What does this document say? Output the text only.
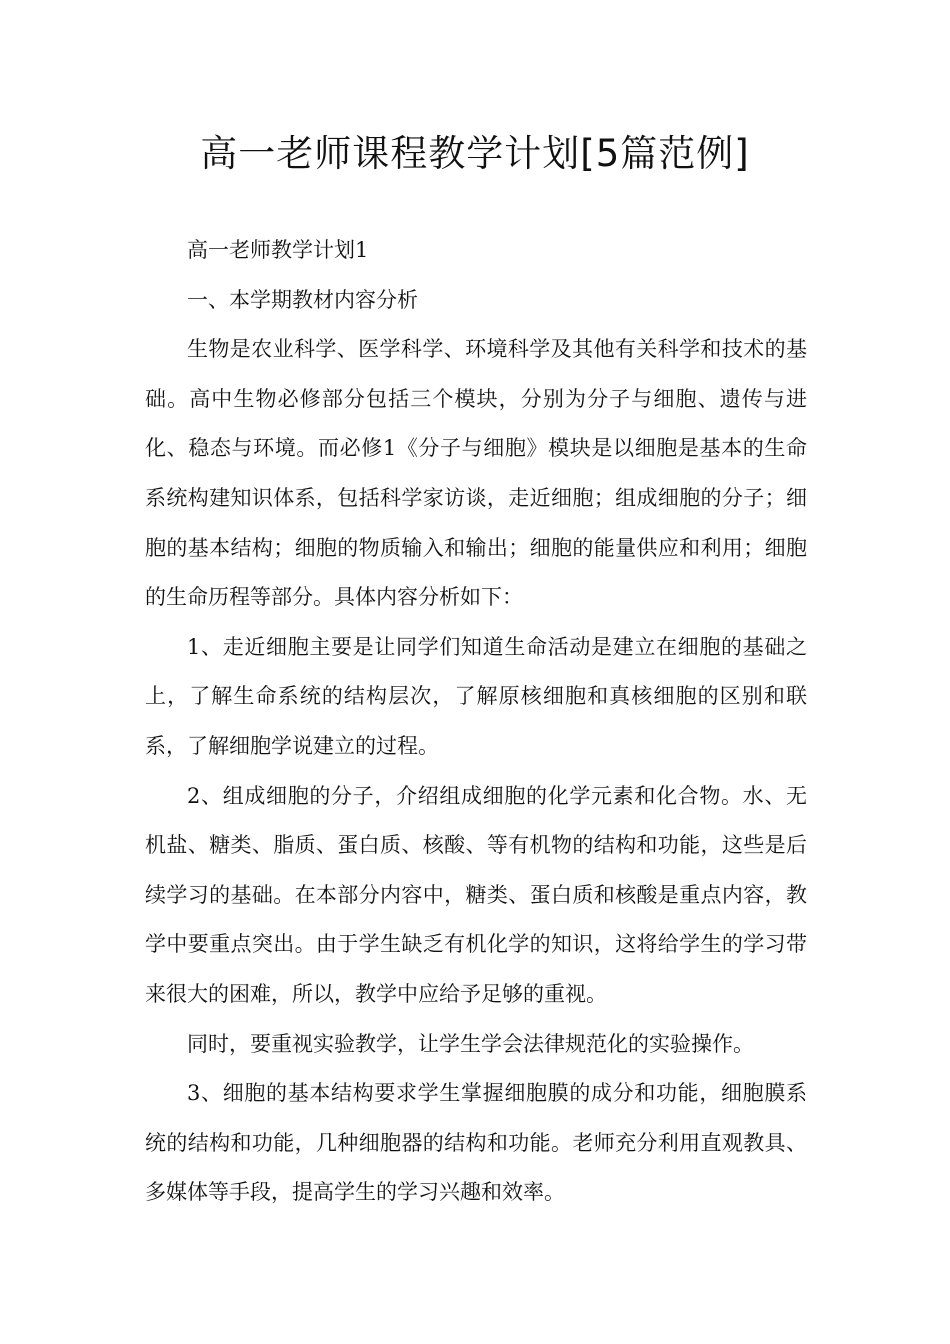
高一老师课程教学计划[5篇范例]

高一老师教学计划1

一、本学期教材内容分析

生物是农业科学、医学科学、环境科学及其他有关科学和技术的基础。高中生物必修部分包括三个模块，分别为分子与细胞、遗传与进化、稳态与环境。而必修1《分子与细胞》模块是以细胞是基本的生命系统构建知识体系，包括科学家访谈，走近细胞；组成细胞的分子；细胞的基本结构；细胞的物质输入和输出；细胞的能量供应和利用；细胞的生命历程等部分。具体内容分析如下：

1、走近细胞主要是让同学们知道生命活动是建立在细胞的基础之上，了解生命系统的结构层次，了解原核细胞和真核细胞的区别和联系，了解细胞学说建立的过程。

2、组成细胞的分子，介绍组成细胞的化学元素和化合物。水、无机盐、糖类、脂质、蛋白质、核酸、等有机物的结构和功能，这些是后续学习的基础。在本部分内容中，糖类、蛋白质和核酸是重点内容，教学中要重点突出。由于学生缺乏有机化学的知识，这将给学生的学习带来很大的困难，所以，教学中应给予足够的重视。

同时，要重视实验教学，让学生学会法律规范化的实验操作。

3、细胞的基本结构要求学生掌握细胞膜的成分和功能，细胞膜系统的结构和功能，几种细胞器的结构和功能。老师充分利用直观教具、多媒体等手段，提高学生的学习兴趣和效率。
